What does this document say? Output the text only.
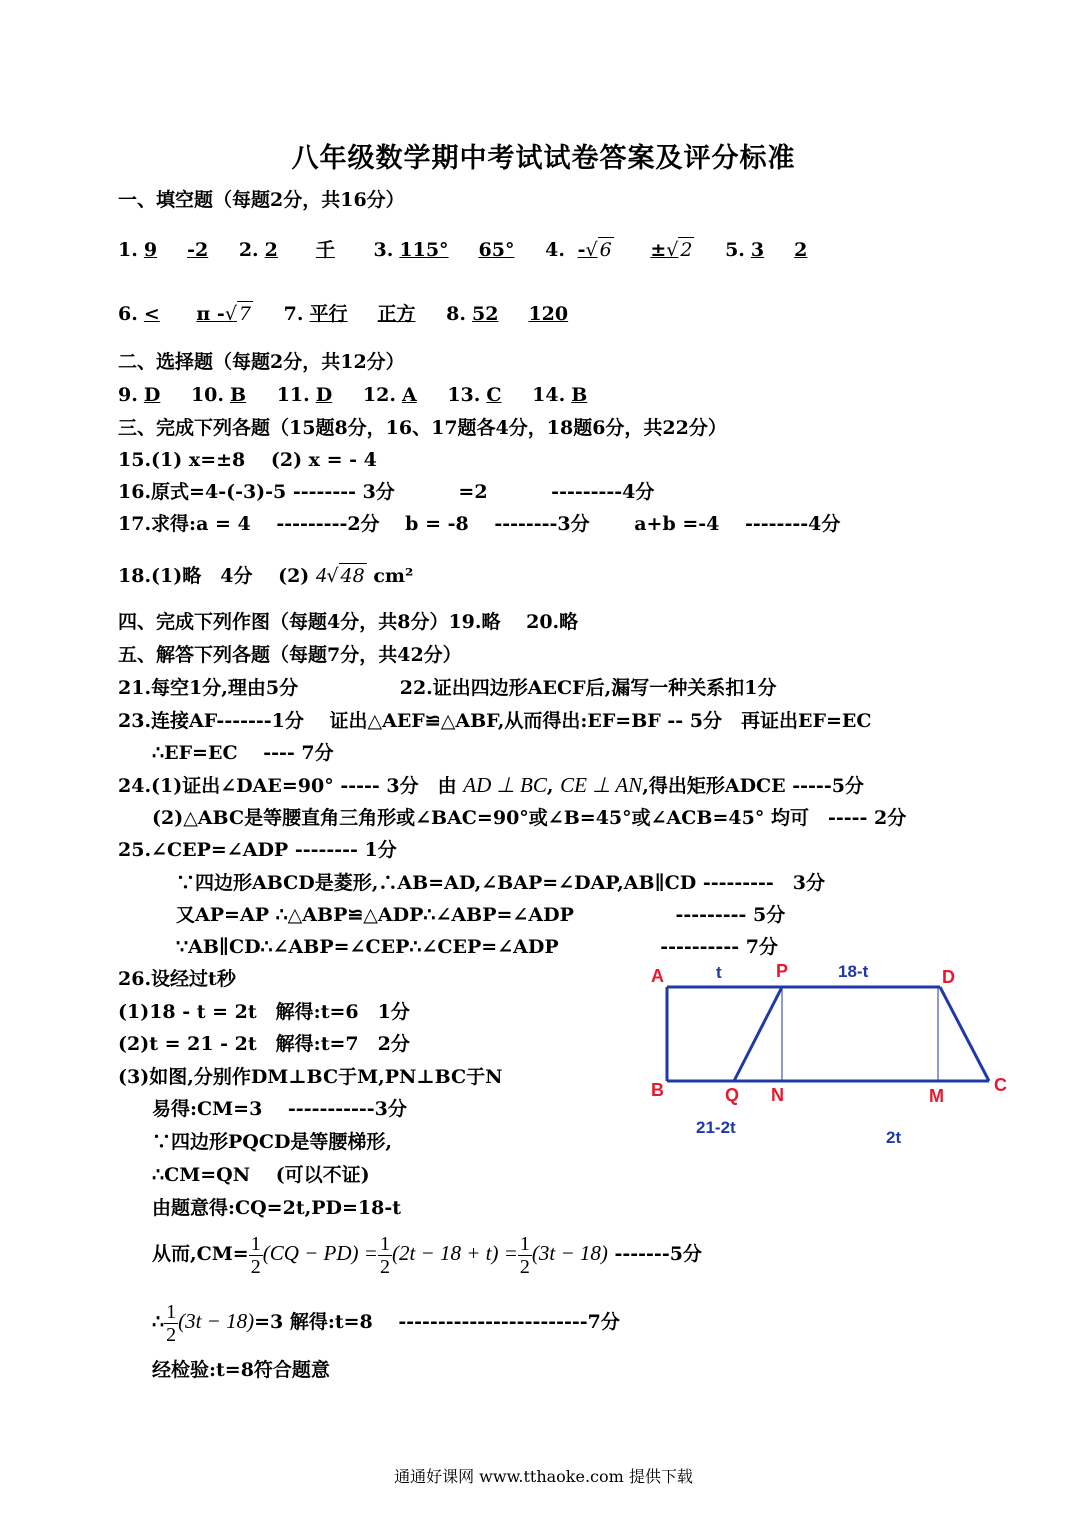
八年级数学期中考试试卷答案及评分标准
一、填空题（每题2分，共16分）
1. 9 -2 2. 2 千 3. 115° 65° 4. -√ 6 ±√ 2 5. 3 2
6. < π -√ 7 7. 平行 正方 8. 52 120
二、选择题（每题2分，共12分）
9. D 10. B 11. D 12. A 13. C 14. B
三、完成下列各题（15题8分，16、17题各4分，18题6分，共22分）
15.(1) x=±8　 (2) x = - 4
16.原式=4-(-3)-5 -------- 3分　　　 =2　　　 ---------4分
17.求得:a = 4　 ---------2分　 b = -8　 --------3分　　 a+b =-4　 --------4分
18.(1)略　4分　 (2) 4√ 48 cm²
四、完成下列作图（每题4分，共8分）19.略　 20.略
五、解答下列各题（每题7分，共42分）
21.每空1分,理由5分　　　　　 22.证出四边形AECF后,漏写一种关系扣1分
23.连接AF-------1分　 证出△AEF≌△ABF,从而得出:EF=BF -- 5分　再证出EF=EC
∴EF=EC　 ---- 7分
24.(1)证出∠DAE=90° ----- 3分　由 AD ⊥ BC, CE ⊥ AN,得出矩形ADCE -----5分
(2)△ABC是等腰直角三角形或∠BAC=90°或∠B=45°或∠ACB=45° 均可　----- 2分
25.∠CEP=∠ADP -------- 1分
∵四边形ABCD是菱形,∴AB=AD,∠BAP=∠DAP,AB∥CD ---------　3分
又AP=AP ∴△ABP≌△ADP∴∠ABP=∠ADP　　　　　 --------- 5分
∵AB∥CD∴∠ABP=∠CEP∴∠CEP=∠ADP　　　　　 ---------- 7分
26.设经过t秒
(1)18 - t = 2t　解得:t=6　1分
(2)t = 21 - 2t　解得:t=7　2分
(3)如图,分别作DM⊥BC于M,PN⊥BC于N
易得:CM=3　 -----------3分
∵四边形PQCD是等腰梯形,
∴CM=QN　 (可以不证)
由题意得:CQ=2t,PD=18-t
从而$,CM= \frac{1}{2} (CQ - PD) = \frac{1}{2} (2t - 18 + t) = \frac{1}{2} (3t - 18)$ -------5分
∴ $\frac{1}{2} (3t - 18)=3$ 解得:t=8　 ------------------------7分
经检验:t=8符合题意
A
B	C
D
P
Q N	M
t	18-t
21-2t
2t
通通好课网 www.tthaoke.com 提供下载
